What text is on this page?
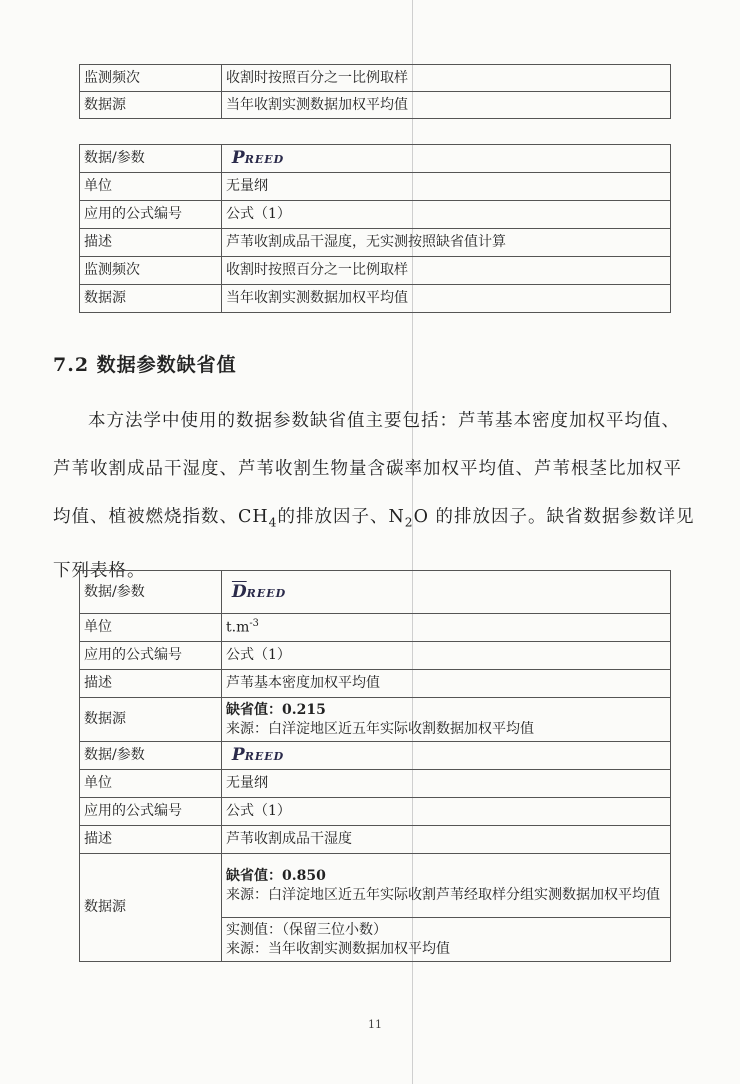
监测频次	收割时按照百分之一比例取样
数据源	当年收割实测数据加权平均值
数据/参数	PREED
单位	无量纲
应用的公式编号	公式（1）
描述	芦苇收割成品干湿度，无实测按照缺省值计算
监测频次	收割时按照百分之一比例取样
数据源	当年收割实测数据加权平均值
7.2 数据参数缺省值

本方法学中使用的数据参数缺省值主要包括：芦苇基本密度加权平均值、芦苇收割成品干湿度、芦苇收割生物量含碳率加权平均值、芦苇根茎比加权平均值、植被燃烧指数、$CH_4$的排放因子、$N_2O$ 的排放因子。缺省数据参数详见下列表格。

数据/参数	$\overline{D}REED$
单位	$t.m^{-3}$
应用的公式编号	公式（1）
描述	芦苇基本密度加权平均值
数据源	缺省值：0.215
来源：白洋淀地区近五年实际收割数据加权平均值

数据/参数	PREED
单位	无量纲
应用的公式编号	公式（1）
描述	芦苇收割成品干湿度
数据源	缺省值：0.850
来源：白洋淀地区近五年实际收割芦苇经取样分组实测数据加权平均值

	实测值：（保留三位小数）
来源：当年收割实测数据加权平均值
11
